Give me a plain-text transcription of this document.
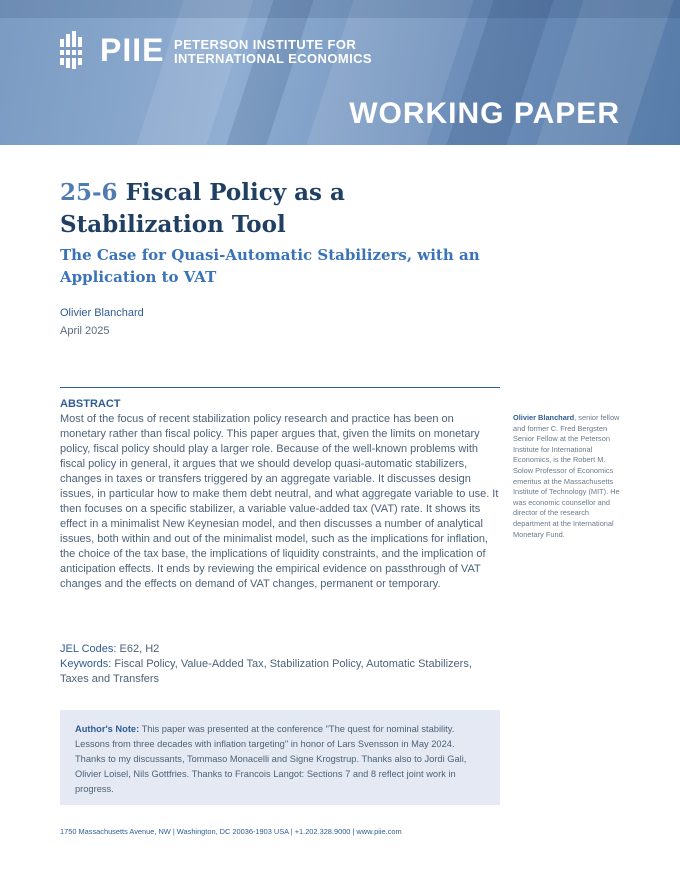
PIIE PETERSON INSTITUTE FOR
INTERNATIONAL ECONOMICS
WORKING PAPER
25-6 Fiscal Policy as a Stabilization Tool
The Case for Quasi-Automatic Stabilizers, with an Application to VAT
Olivier Blanchard
April 2025
ABSTRACT
Most of the focus of recent stabilization policy research and practice has been on monetary rather than fiscal policy. This paper argues that, given the limits on monetary policy, fiscal policy should play a larger role. Because of the well-known problems with fiscal policy in general, it argues that we should develop quasi-automatic stabilizers, changes in taxes or transfers triggered by an aggregate variable. It discusses design issues, in particular how to make them debt neutral, and what aggregate variable to use. It then focuses on a specific stabilizer, a variable value-added tax (VAT) rate. It shows its effect in a minimalist New Keynesian model, and then discusses a number of analytical issues, both within and out of the minimalist model, such as the implications for inflation, the choice of the tax base, the implications of liquidity constraints, and the implication of anticipation effects. It ends by reviewing the empirical evidence on passthrough of VAT changes and the effects on demand of VAT changes, permanent or temporary.
JEL Codes: E62, H2
Keywords: Fiscal Policy, Value-Added Tax, Stabilization Policy, Automatic Stabilizers, Taxes and Transfers
Author's Note: This paper was presented at the conference "The quest for nominal stability. Lessons from three decades with inflation targeting" in honor of Lars Svensson in May 2024. Thanks to my discussants, Tommaso Monacelli and Signe Krogstrup. Thanks also to Jordi Gali, Olivier Loisel, Nils Gottfries. Thanks to Francois Langot: Sections 7 and 8 reflect joint work in progress.
Olivier Blanchard, senior fellow and former C. Fred Bergsten Senior Fellow at the Peterson Institute for International Economics, is the Robert M. Solow Professor of Economics emeritus at the Massachusetts Institute of Technology (MIT). He was economic counsellor and director of the research department at the International Monetary Fund.
1750 Massachusetts Avenue, NW | Washington, DC 20036-1903 USA | +1.202.328.9000 | www.piie.com
